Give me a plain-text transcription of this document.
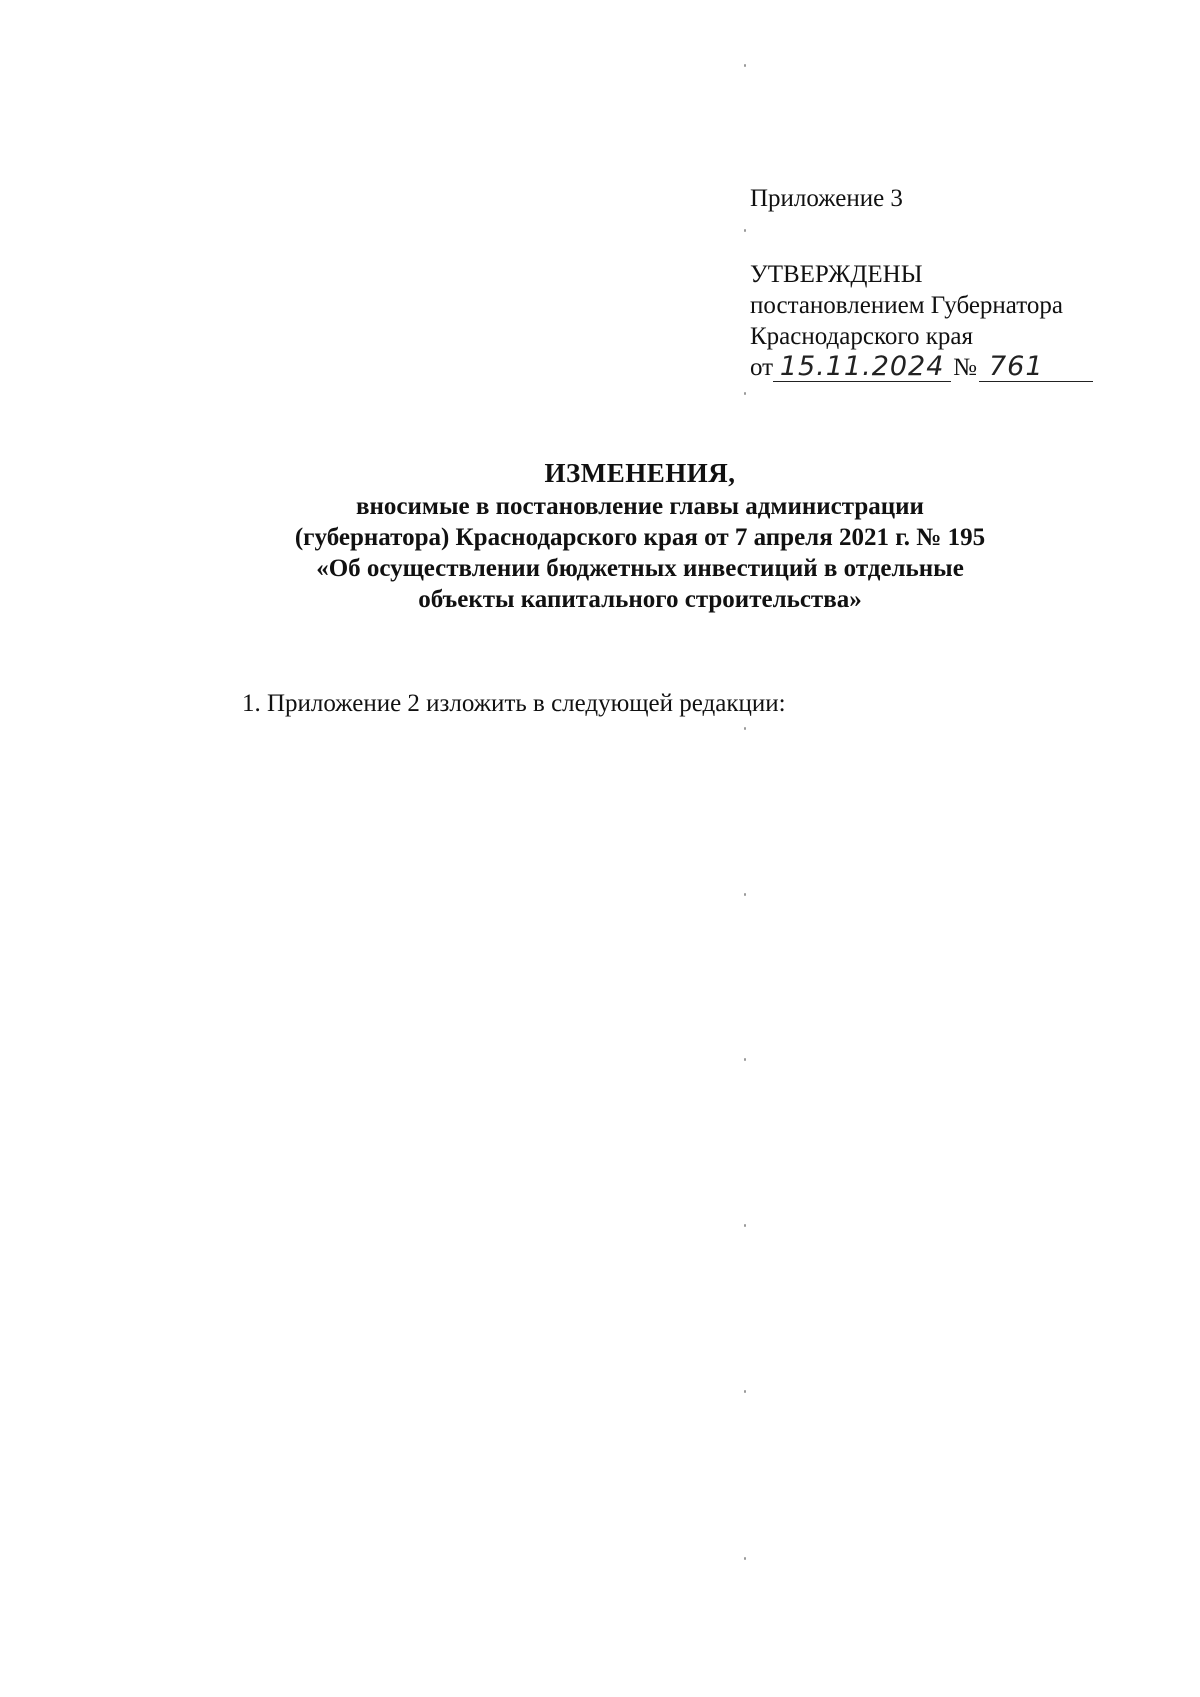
Приложение 3
УТВЕРЖДЕНЫ
постановлением Губернатора
Краснодарского края
от 15.11.2024 № 761
ИЗМЕНЕНИЯ,
вносимые в постановление главы администрации
(губернатора) Краснодарского края от 7 апреля 2021 г. № 195
«Об осуществлении бюджетных инвестиций в отдельные
объекты капитального строительства»
1. Приложение 2 изложить в следующей редакции:
